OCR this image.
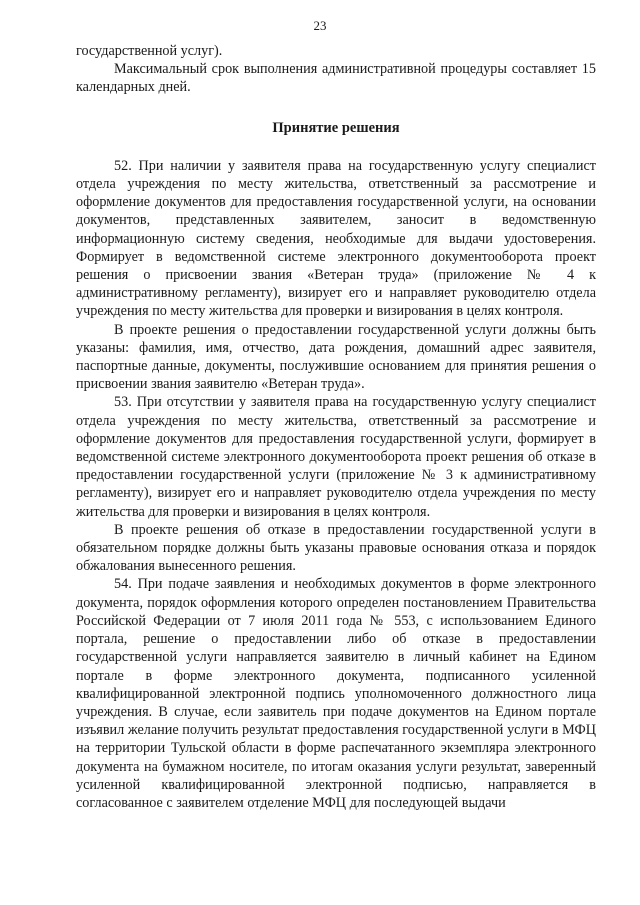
23

государственной услуг).

Максимальный срок выполнения административной процедуры составляет 15 календарных дней.

Принятие решения

52. При наличии у заявителя права на государственную услугу специалист отдела учреждения по месту жительства, ответственный за рассмотрение и оформление документов для предоставления государственной услуги, на основании документов, представленных заявителем, заносит в ведомственную информационную систему сведения, необходимые для выдачи удостоверения. Формирует в ведомственной системе электронного документооборота проект решения о присвоении звания «Ветеран труда» (приложение № 4 к административному регламенту), визирует его и направляет руководителю отдела учреждения по месту жительства для проверки и визирования в целях контроля.

В проекте решения о предоставлении государственной услуги должны быть указаны: фамилия, имя, отчество, дата рождения, домашний адрес заявителя, паспортные данные, документы, послужившие основанием для принятия решения о присвоении звания заявителю «Ветеран труда».

53. При отсутствии у заявителя права на государственную услугу специалист отдела учреждения по месту жительства, ответственный за рассмотрение и оформление документов для предоставления государственной услуги, формирует в ведомственной системе электронного документооборота проект решения об отказе в предоставлении государственной услуги (приложение № 3 к административному регламенту), визирует его и направляет руководителю отдела учреждения по месту жительства для проверки и визирования в целях контроля.

В проекте решения об отказе в предоставлении государственной услуги в обязательном порядке должны быть указаны правовые основания отказа и порядок обжалования вынесенного решения.

54. При подаче заявления и необходимых документов в форме электронного документа, порядок оформления которого определен постановлением Правительства Российской Федерации от 7 июля 2011 года № 553, с использованием Единого портала, решение о предоставлении либо об отказе в предоставлении государственной услуги направляется заявителю в личный кабинет на Едином портале в форме электронного документа, подписанного усиленной квалифицированной электронной подпись уполномоченного должностного лица учреждения. В случае, если заявитель при подаче документов на Едином портале изъявил желание получить результат предоставления государственной услуги в МФЦ на территории Тульской области в форме распечатанного экземпляра электронного документа на бумажном носителе, по итогам оказания услуги результат, заверенный усиленной квалифицированной электронной подписью, направляется в согласованное с заявителем отделение МФЦ для последующей выдачи
